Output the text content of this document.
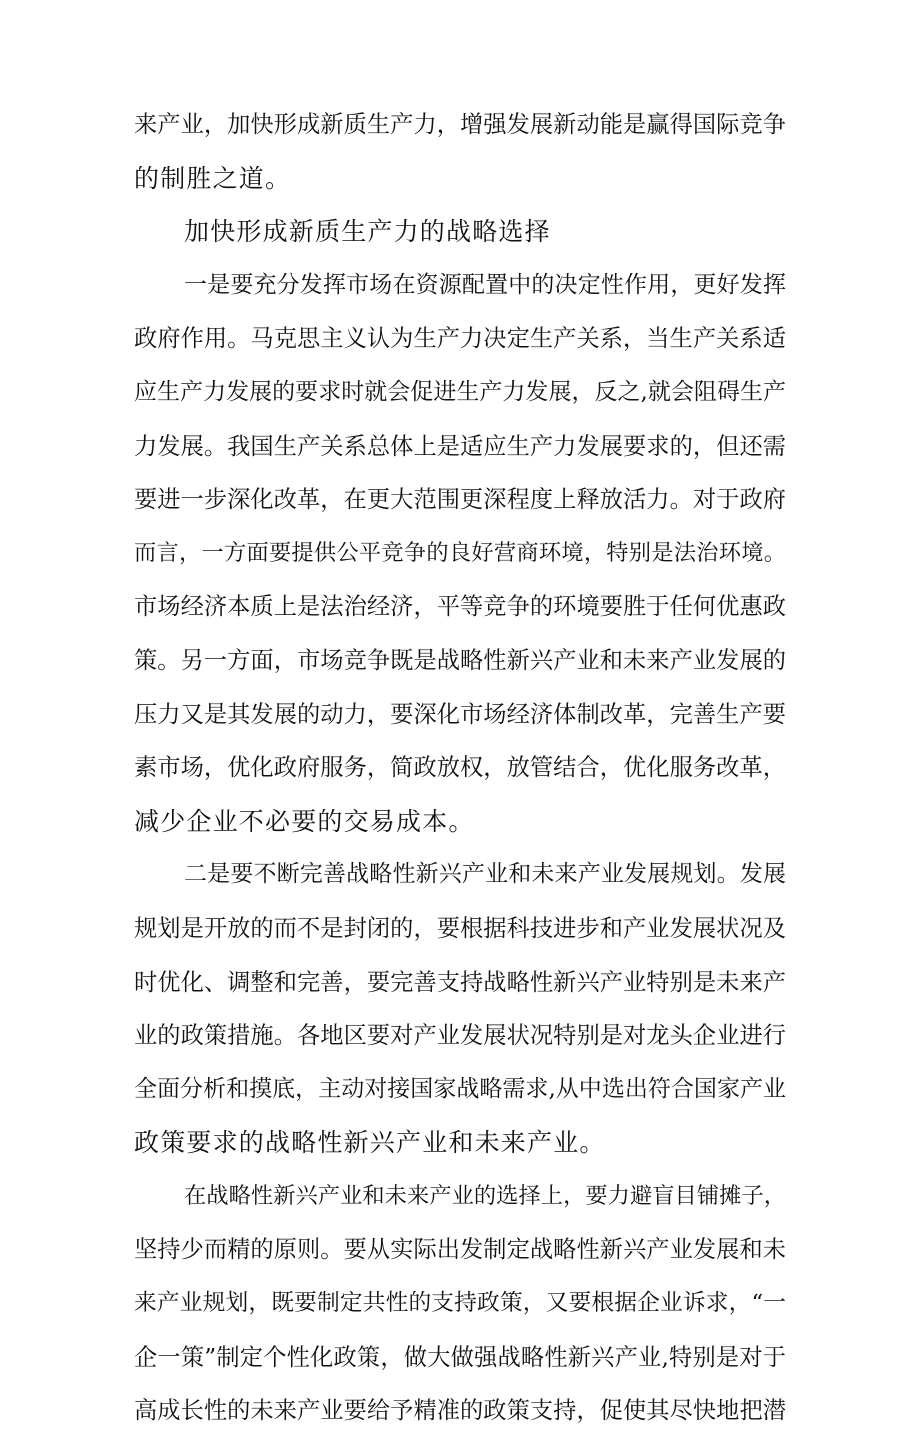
来产业，加快形成新质生产力，增强发展新动能是赢得国际竞争
的制胜之道。
加快形成新质生产力的战略选择
一是要充分发挥市场在资源配置中的决定性作用，更好发挥
政府作用。马克思主义认为生产力决定生产关系，当生产关系适
应生产力发展的要求时就会促进生产力发展，反之,就会阻碍生产
力发展。我国生产关系总体上是适应生产力发展要求的，但还需
要进一步深化改革，在更大范围更深程度上释放活力。对于政府
而言，一方面要提供公平竞争的良好营商环境，特别是法治环境。
市场经济本质上是法治经济，平等竞争的环境要胜于任何优惠政
策。另一方面，市场竞争既是战略性新兴产业和未来产业发展的
压力又是其发展的动力，要深化市场经济体制改革，完善生产要
素市场，优化政府服务，简政放权，放管结合，优化服务改革，
减少企业不必要的交易成本。
二是要不断完善战略性新兴产业和未来产业发展规划。发展
规划是开放的而不是封闭的，要根据科技进步和产业发展状况及
时优化、调整和完善，要完善支持战略性新兴产业特别是未来产
业的政策措施。各地区要对产业发展状况特别是对龙头企业进行
全面分析和摸底，主动对接国家战略需求,从中选出符合国家产业
政策要求的战略性新兴产业和未来产业。
在战略性新兴产业和未来产业的选择上，要力避盲目铺摊子，
坚持少而精的原则。要从实际出发制定战略性新兴产业发展和未
来产业规划，既要制定共性的支持政策，又要根据企业诉求，“一
企一策”制定个性化政策，做大做强战略性新兴产业,特别是对于
高成长性的未来产业要给予精准的政策支持，促使其尽快地把潜
